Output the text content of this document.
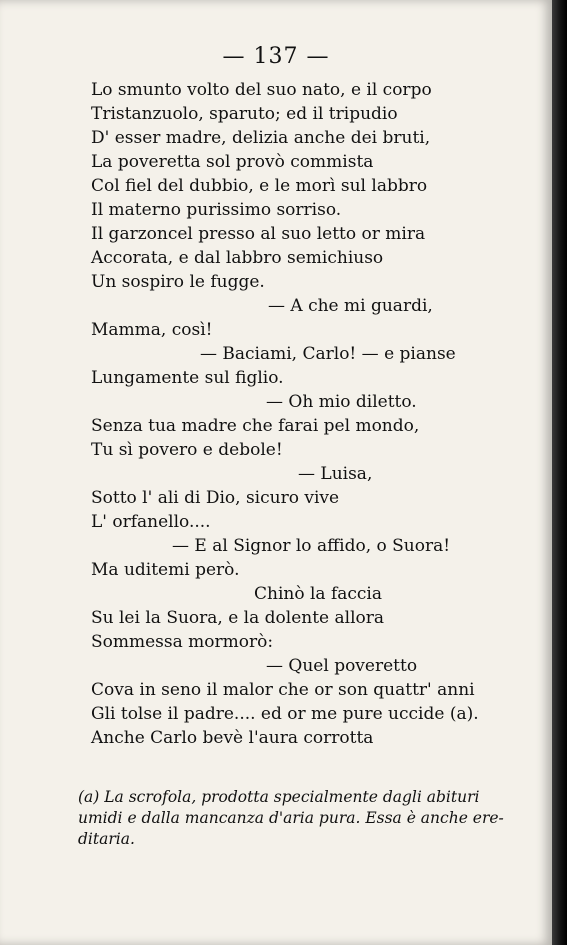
— 137 —
Lo smunto volto del suo nato, e il corpo
Tristanzuolo, sparuto; ed il tripudio
D' esser madre, delizia anche dei bruti,
La poveretta sol provò commista
Col fiel del dubbio, e le morì sul labbro
Il materno purissimo sorriso.
Il garzoncel presso al suo letto or mira
Accorata, e dal labbro semichiuso
Un sospiro le fugge.
— A che mi guardi,
Mamma, così!
— Baciami, Carlo! — e pianse
Lungamente sul figlio.
— Oh mio diletto.
Senza tua madre che farai pel mondo,
Tu sì povero e debole!
— Luisa,
Sotto l' ali di Dio, sicuro vive
L' orfanello....
— E al Signor lo affido, o Suora!
Ma uditemi però.
Chinò la faccia
Su lei la Suora, e la dolente allora
Sommessa mormorò:
— Quel poveretto
Cova in seno il malor che or son quattr' anni
Gli tolse il padre.... ed or me pure uccide (a).
Anche Carlo bevè l'aura corrotta

(a) La scrofola, prodotta specialmente dagli abituri

umidi e dalla mancanza d'aria pura. Essa è anche ere-

ditaria.
